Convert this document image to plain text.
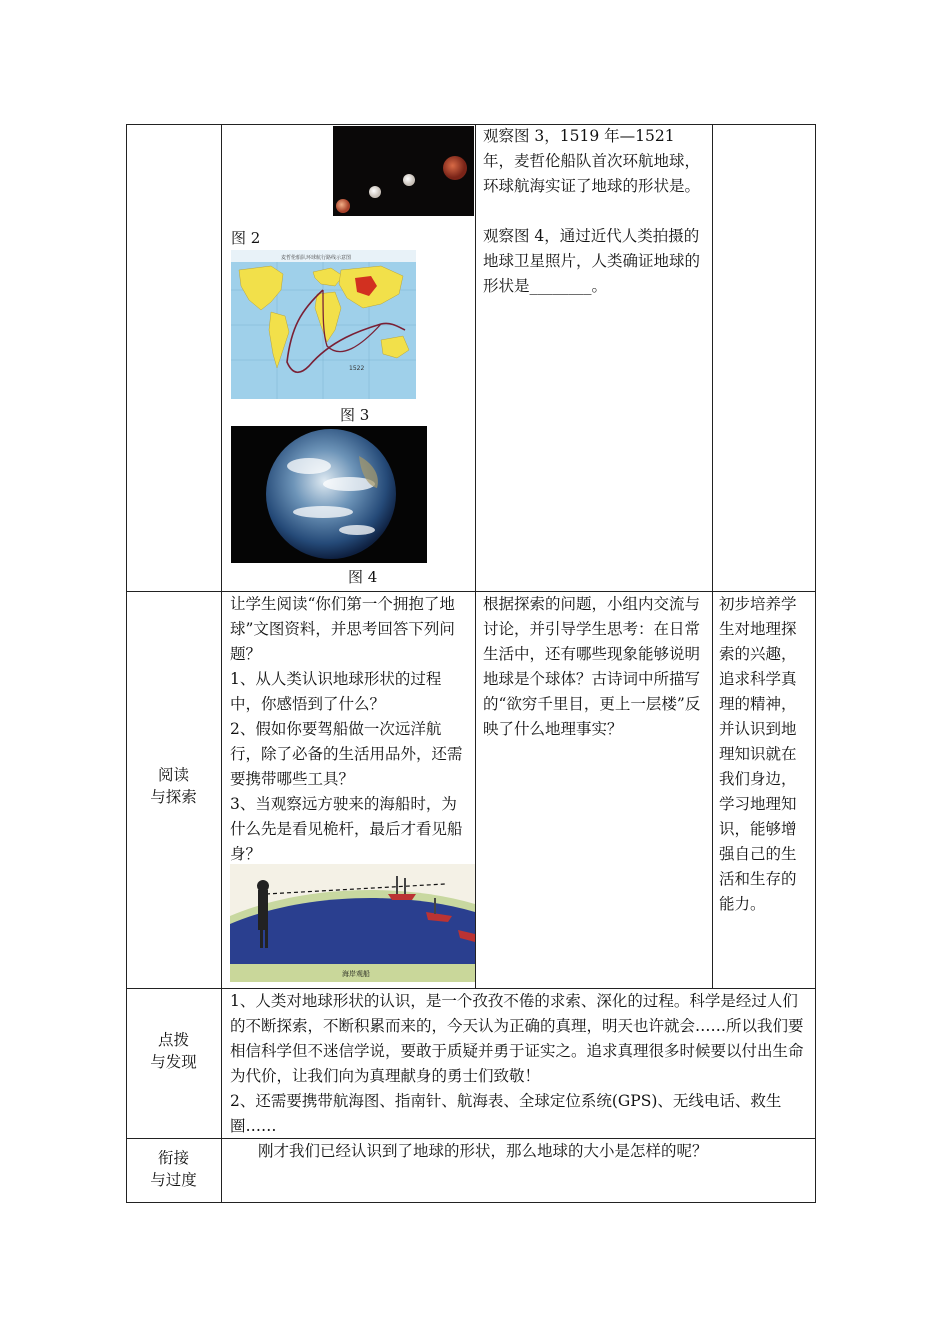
图 2
麦哲伦船队环球航行路线示意图
1522
图 3
图 4

观察图 3，1519 年—1521 年，麦哲伦船队首次环航地球，环球航海实证了地球的形状是。

观察图 4，通过近代人类拍摄的地球卫星照片，人类确证地球的形状是________。

阅读
与探索

让学生阅读“你们第一个拥抱了地球”文图资料，并思考回答下列问题？

1、从人类认识地球形状的过程中，你感悟到了什么？

2、假如你要驾船做一次远洋航行，除了必备的生活用品外，还需要携带哪些工具？

3、当观察远方驶来的海船时，为什么先是看见桅杆，最后才看见船身？

海岸观船

根据探索的问题，小组内交流与讨论，并引导学生思考：在日常生活中，还有哪些现象能够说明地球是个球体？古诗词中所描写的“欲穷千里目，更上一层楼”反映了什么地理事实？

初步培养学生对地理探索的兴趣，追求科学真理的精神，并认识到地理知识就在我们身边，学习地理知识，能够增强自己的生活和生存的能力。

点拨
与发现

1、人类对地球形状的认识，是一个孜孜不倦的求索、深化的过程。科学是经过人们的不断探索，不断积累而来的，今天认为正确的真理，明天也许就会……所以我们要相信科学但不迷信学说，要敢于质疑并勇于证实之。追求真理很多时候要以付出生命为代价，让我们向为真理献身的勇士们致敬！

2、还需要携带航海图、指南针、航海表、全球定位系统(GPS)、无线电话、救生圈……

衔接
与过度

刚才我们已经认识到了地球的形状，那么地球的大小是怎样的呢？
